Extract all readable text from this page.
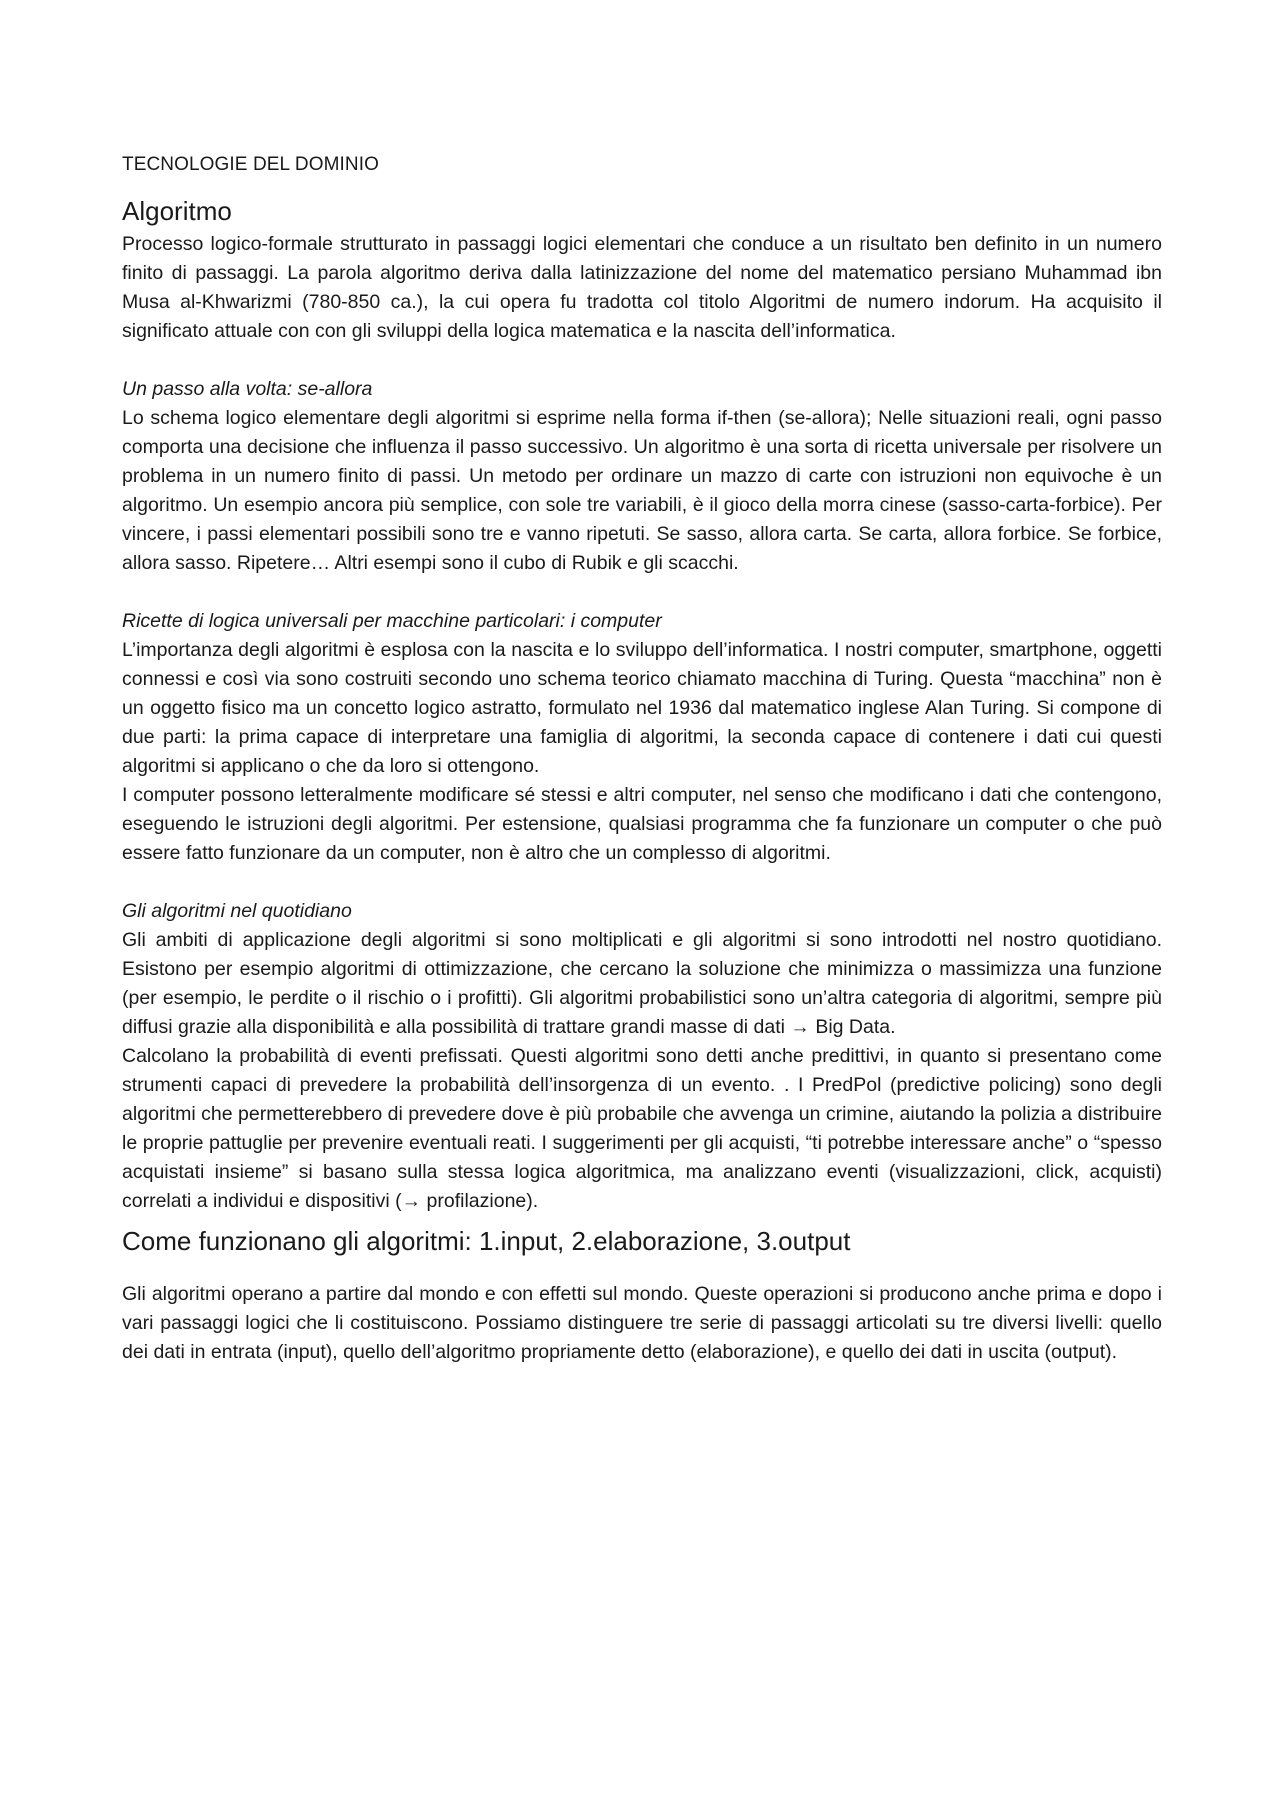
TECNOLOGIE DEL DOMINIO
Algoritmo

Processo logico-formale strutturato in passaggi logici elementari che conduce a un risultato ben definito in un numero finito di passaggi. La parola algoritmo deriva dalla latinizzazione del nome del matematico persiano Muhammad ibn Musa al-Khwarizmi (780-850 ca.), la cui opera fu tradotta col titolo Algoritmi de numero indorum. Ha acquisito il significato attuale con con gli sviluppi della logica matematica e la nascita dell’informatica.

Un passo alla volta: se-allora

Lo schema logico elementare degli algoritmi si esprime nella forma if-then (se-allora); Nelle situazioni reali, ogni passo comporta una decisione che influenza il passo successivo. Un algoritmo è una sorta di ricetta universale per risolvere un problema in un numero finito di passi. Un metodo per ordinare un mazzo di carte con istruzioni non equivoche è un algoritmo. Un esempio ancora più semplice, con sole tre variabili, è il gioco della morra cinese (sasso-carta-forbice). Per vincere, i passi elementari possibili sono tre e vanno ripetuti. Se sasso, allora carta. Se carta, allora forbice. Se forbice, allora sasso. Ripetere… Altri esempi sono il cubo di Rubik e gli scacchi.

Ricette di logica universali per macchine particolari: i computer

L’importanza degli algoritmi è esplosa con la nascita e lo sviluppo dell’informatica. I nostri computer, smartphone, oggetti connessi e così via sono costruiti secondo uno schema teorico chiamato macchina di Turing. Questa “macchina” non è un oggetto fisico ma un concetto logico astratto, formulato nel 1936 dal matematico inglese Alan Turing. Si compone di due parti: la prima capace di interpretare una famiglia di algoritmi, la seconda capace di contenere i dati cui questi algoritmi si applicano o che da loro si ottengono.

I computer possono letteralmente modificare sé stessi e altri computer, nel senso che modificano i dati che contengono, eseguendo le istruzioni degli algoritmi. Per estensione, qualsiasi programma che fa funzionare un computer o che può essere fatto funzionare da un computer, non è altro che un complesso di algoritmi.

Gli algoritmi nel quotidiano

Gli ambiti di applicazione degli algoritmi si sono moltiplicati e gli algoritmi si sono introdotti nel nostro quotidiano. Esistono per esempio algoritmi di ottimizzazione, che cercano la soluzione che minimizza o massimizza una funzione (per esempio, le perdite o il rischio o i profitti). Gli algoritmi probabilistici sono un’altra categoria di algoritmi, sempre più diffusi grazie alla disponibilità e alla possibilità di trattare grandi masse di dati → Big Data.

Calcolano la probabilità di eventi prefissati. Questi algoritmi sono detti anche predittivi, in quanto si presentano come strumenti capaci di prevedere la probabilità dell’insorgenza di un evento. . I PredPol (predictive policing) sono degli algoritmi che permetterebbero di prevedere dove è più probabile che avvenga un crimine, aiutando la polizia a distribuire le proprie pattuglie per prevenire eventuali reati. I suggerimenti per gli acquisti, “ti potrebbe interessare anche” o “spesso acquistati insieme” si basano sulla stessa logica algoritmica, ma analizzano eventi (visualizzazioni, click, acquisti) correlati a individui e dispositivi (→ profilazione).

Come funzionano gli algoritmi: 1.input, 2.elaborazione, 3.output

Gli algoritmi operano a partire dal mondo e con effetti sul mondo. Queste operazioni si producono anche prima e dopo i vari passaggi logici che li costituiscono. Possiamo distinguere tre serie di passaggi articolati su tre diversi livelli: quello dei dati in entrata (input), quello dell’algoritmo propriamente detto (elaborazione), e quello dei dati in uscita (output).
